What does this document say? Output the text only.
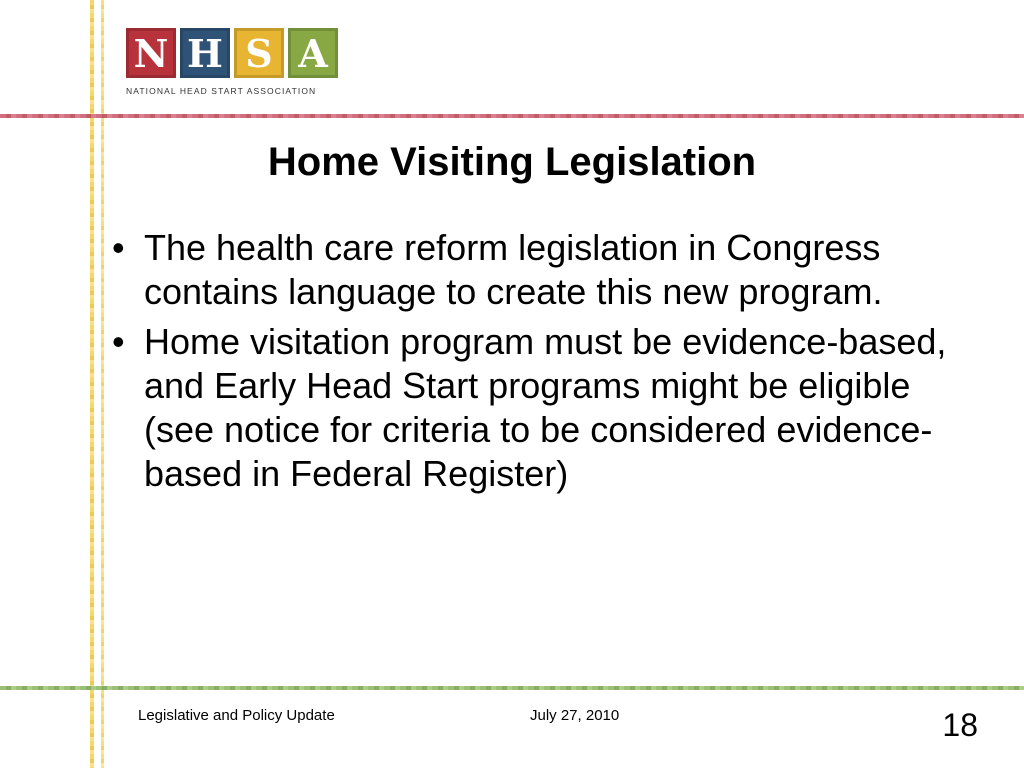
N H S A
NATIONAL HEAD START ASSOCIATION
Home Visiting Legislation
• The health care reform legislation in Congress contains language to create this new program.
• Home visitation program must be evidence-based, and Early Head Start programs might be eligible (see notice for criteria to be considered evidence-based in Federal Register)
Legislative and Policy Update	July 27, 2010	18
